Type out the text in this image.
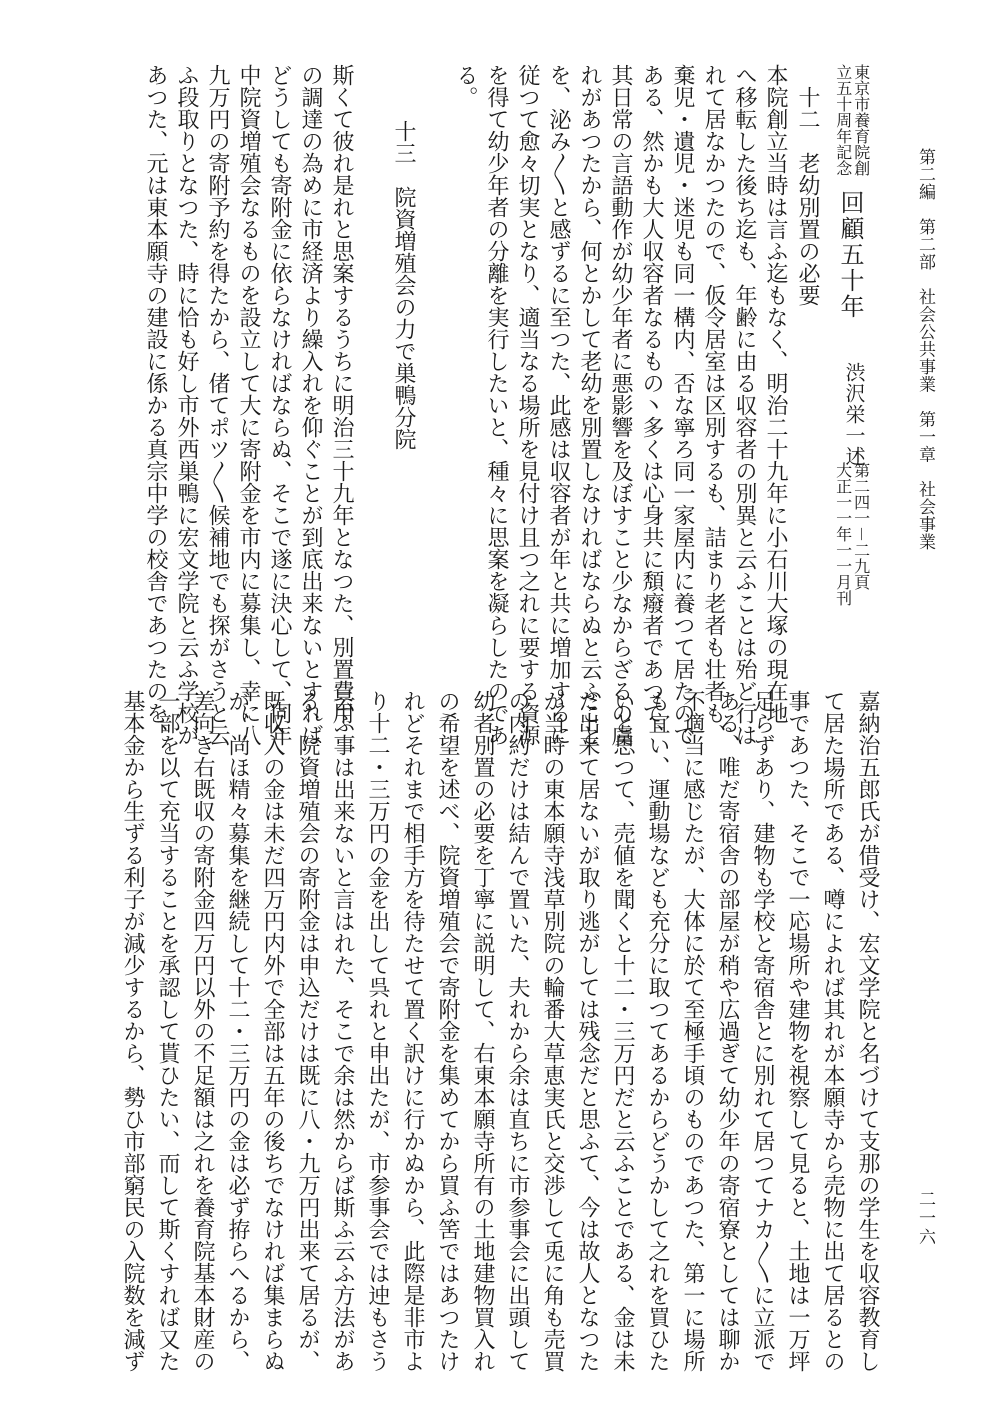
第二編　第二部　社会公共事業　第一章　社会事業
二一六
東京市養育院創
立五十周年記念
回顧五十年
渋沢栄一述
第二四一－二九頁
大正一一年一一月刊

　十二　老幼別置の必要

本院創立当時は言ふ迄もなく、明治二十九年に小石川大塚の現在地

へ移転した後ち迄も、年齢に由る収容者の別異と云ふことは殆ど行は

れて居なかつたので、仮令居室は区別するも、詰まり老者も壮者も、

棄児・遺児・迷児も同一構内、否な寧ろ同一家屋内に養つて居たので

ある、然かも大人収容者なるもの丶多くは心身共に頽癈者であつて、

其日常の言語動作が幼少年者に悪影響を及ぼすこと少なからざるの虞

れがあつたから、何とかして老幼を別置しなければならぬと云ふこと

を、泌み〳〵と感ずるに至つた、此感は収容者が年と共に増加するに

従つて愈々切実となり、適当なる場所を見付け且つ之れに要する資源

を得て幼少年者の分離を実行したいと、種々に思案を凝らしたのであ

る。

　十三　院資増殖会の力で巣鴨分院

斯くて彼れ是れと思案するうちに明治三十九年となつた、別置費用

の調達の為めに市経済より繰入れを仰ぐことが到底出来ないとすれば

どうしても寄附金に依らなければならぬ、そこで遂に決心して、同年

中院資増殖会なるものを設立して大に寄附金を市内に募集し、幸に八

九万円の寄附予約を得たから、偖てポツ〳〵候補地でも探がさうと云

ふ段取りとなつた、時に恰も好し市外西巣鴨に宏文学院と云ふ学校が

あつた、元は東本願寺の建設に係かる真宗中学の校舎であつたのを、

嘉納治五郎氏が借受け、宏文学院と名づけて支那の学生を収容教育し

て居た場所である、噂によれば其れが本願寺から売物に出て居るとの

事であつた、そこで一応場所や建物を視察して見ると、土地は一万坪

足らずあり、建物も学校と寄宿舎とに別れて居つてナカ〳〵に立派で

ある、唯だ寄宿舎の部屋が稍や広過ぎて幼少年の寄宿寮としては聊か

不適当に感じたが、大体に於て至極手頃のものであつた、第一に場所

も宜い、運動場なども充分に取つてあるからどうかして之れを買ひた

いと思つて、売値を聞くと十二・三万円だと云ふことである、金は未

だ出来て居ないが取り逃がしては残念だと思ふて、今は故人となつた

が当時の東本願寺浅草別院の輪番大草恵実氏と交渉して兎に角も売買

の内約だけは結んで置いた、夫れから余は直ちに市参事会に出頭して

幼者別置の必要を丁寧に説明して、右東本願寺所有の土地建物買入れ

の希望を述べ、院資増殖会で寄附金を集めてから買ふ筈ではあつたけ

れどそれまで相手方を待たせて置く訳けに行かぬから、此際是非市よ

り十二・三万円の金を出して呉れと申出たが、市参事会では迚もさう

云ふ事は出来ないと言はれた、そこで余は然からば斯ふ云ふ方法があ

る、院資増殖会の寄附金は申込だけは既に八・九万円出来て居るが、

既収入の金は未だ四万円内外で全部は五年の後ちでなければ集まらぬ

が、尚ほ精々募集を継続して十二・三万円の金は必ず拵らへるから、

差向き右既収の寄附金四万円以外の不足額は之れを養育院基本財産の

一部を以て充当することを承認して貰ひたい、而して斯くすれば又た

基本金から生ずる利子が減少するから、勢ひ市部窮民の入院数を減ず
